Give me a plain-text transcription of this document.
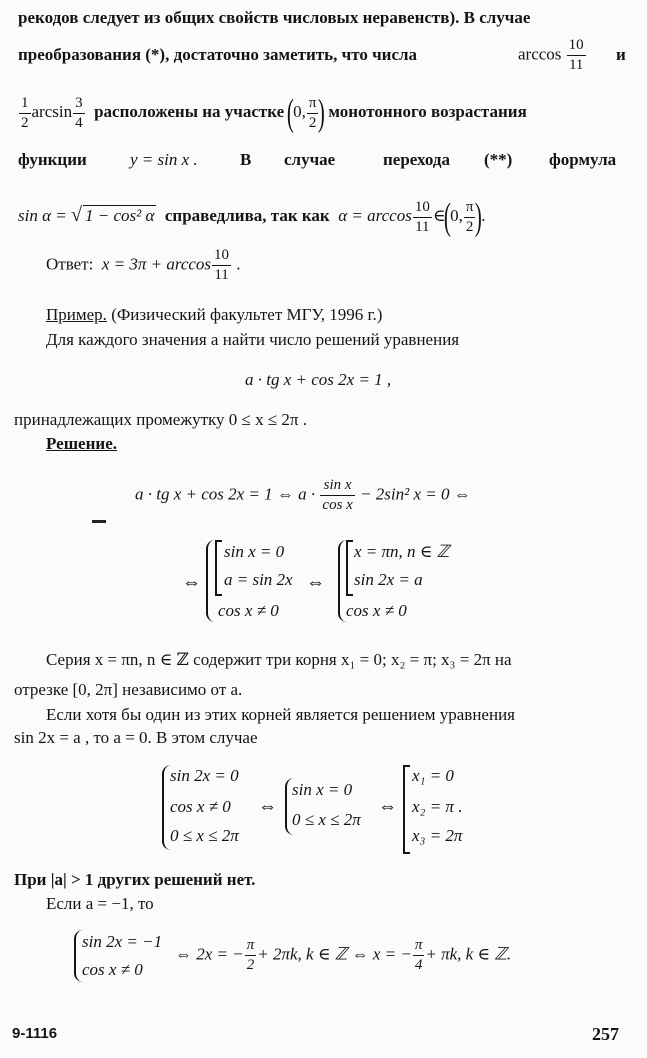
рекодов следует из общих свойств числовых неравенств). В случае
преобразования (*), достаточно заметить, что числа	$\arccos \frac{10}{11}$ и
$\frac{1}{2}$ $\arcsin \frac{3}{4}$ расположены на участке (0, $\frac{\pi}{2}$ ) монотонного возрастания
функции	y = sin x . В случае	перехода (**) формула
sin α = √ 1 − cos² α справедлива, так как $\alpha = \arccos \frac{10}{11}$ ∈(0, $\frac{\pi}{2}$ ).
Ответ: $x = 3\pi + \arccos \frac{10}{11}$ .
Пример. (Физический факультет МГУ, 1996 г.)
Для каждого значения a найти число решений уравнения
a · tg x + cos 2x = 1 ,
принадлежащих промежутку 0 ≤ x ≤ 2π .
Решение.
a · tg x + cos 2x = 1 ⇔ $a \cdot \frac{\text{sin x}}{\text{cos x}} - 2\sin^2$ x = 0 ⇔
⇔
sin x = 0
a = sin 2x
cos x ≠ 0
⇔
x = πn, n ∈ ℤ
sin 2x = a
cos x ≠ 0
Серия x = πn, n ∈ ℤ содержит три корня x₁ = 0; x₂ = π; x₃ = 2π на
отрезке [0, 2π] независимо от a.
Если хотя бы один из этих корней является решением уравнения
sin 2x = a , то a = 0. В этом случае
sin 2x = 0
cos x ≠ 0
0 ≤ x ≤ 2π
⇔
sin x = 0
0 ≤ x ≤ 2π
⇔
x₁ = 0
x₂ = π .
x₃ = 2π
При |a| > 1 других решений нет.
Если a = −1, то
sin 2x = −1
cos x ≠ 0
⇔ 2x = − $\frac{\pi}{2} + 2\pi k$, k ∈ ℤ ⇔ x = − $\frac{\pi}{4} + \pi k$, k ∈ ℤ.
9-1116	257
